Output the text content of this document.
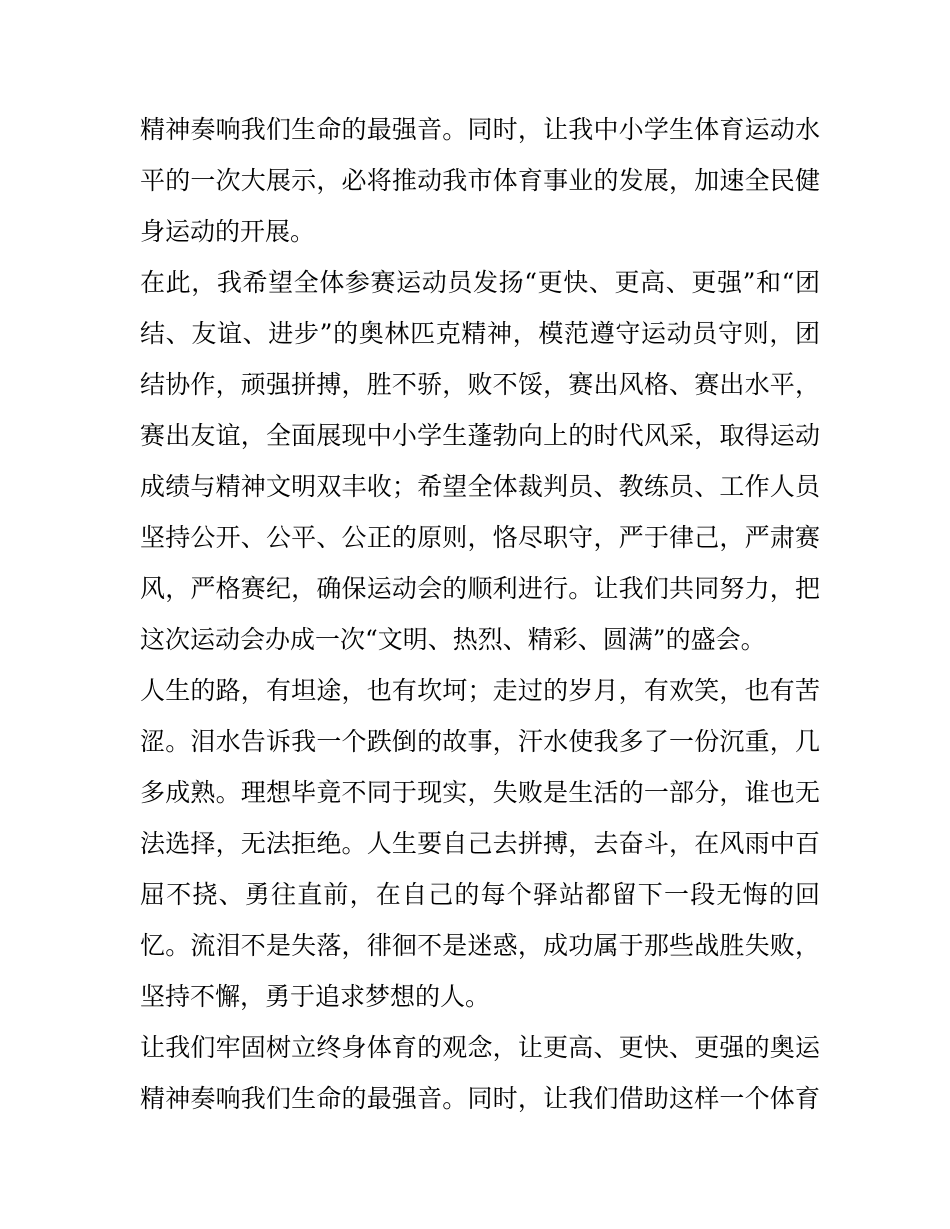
精神奏响我们生命的最强音。同时，让我中小学生体育运动水
平的一次大展示，必将推动我市体育事业的发展，加速全民健
身运动的开展。
在此，我希望全体参赛运动员发扬“更快、更高、更强”和“团
结、友谊、进步”的奥林匹克精神，模范遵守运动员守则，团
结协作，顽强拼搏，胜不骄，败不馁，赛出风格、赛出水平，
赛出友谊，全面展现中小学生蓬勃向上的时代风采，取得运动
成绩与精神文明双丰收；希望全体裁判员、教练员、工作人员
坚持公开、公平、公正的原则，恪尽职守，严于律己，严肃赛
风，严格赛纪，确保运动会的顺利进行。让我们共同努力，把
这次运动会办成一次“文明、热烈、精彩、圆满”的盛会。
人生的路，有坦途，也有坎坷；走过的岁月，有欢笑，也有苦
涩。泪水告诉我一个跌倒的故事，汗水使我多了一份沉重，几
多成熟。理想毕竟不同于现实，失败是生活的一部分，谁也无
法选择，无法拒绝。人生要自己去拼搏，去奋斗，在风雨中百
屈不挠、勇往直前，在自己的每个驿站都留下一段无悔的回
忆。流泪不是失落，徘徊不是迷惑，成功属于那些战胜失败，
坚持不懈，勇于追求梦想的人。
让我们牢固树立终身体育的观念，让更高、更快、更强的奥运
精神奏响我们生命的最强音。同时，让我们借助这样一个体育
